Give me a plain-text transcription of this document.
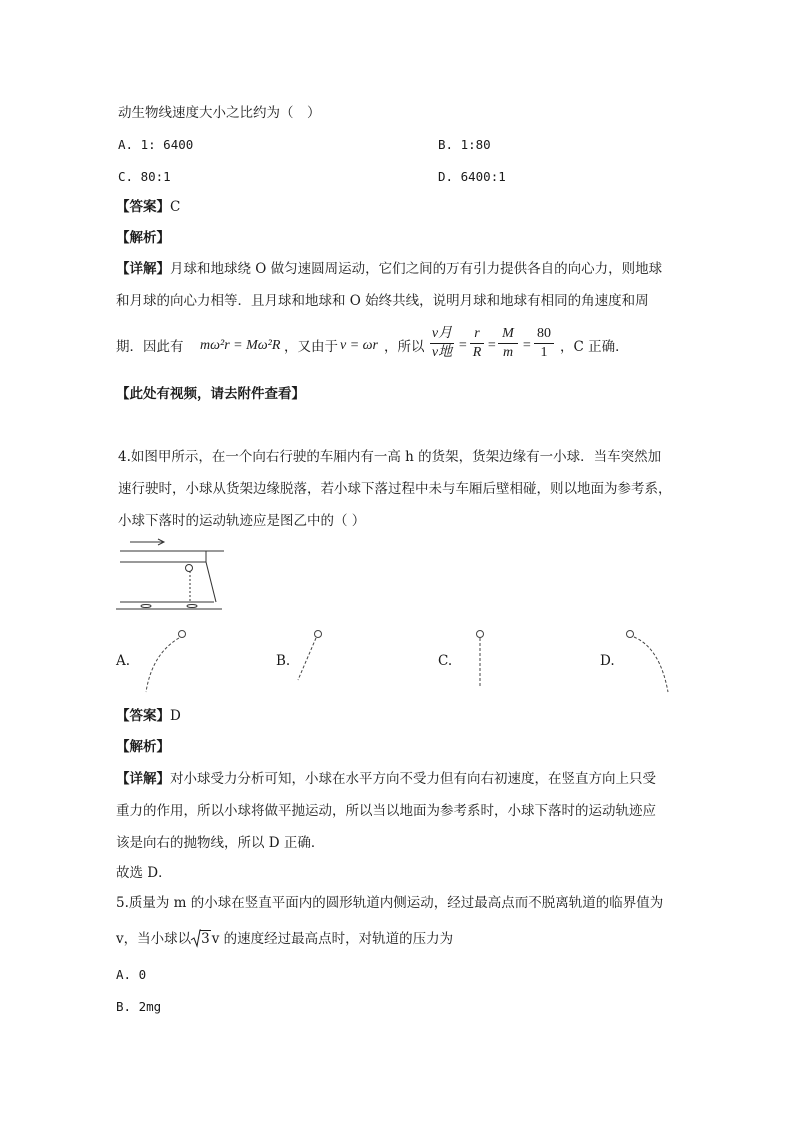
动生物线速度大小之比约为（　）
A. 1: 6400	B. 1:80
C. 80:1	D. 6400:1
【答案】C
【解析】
【详解】月球和地球绕 O 做匀速圆周运动，它们之间的万有引力提供各自的向心力，则地球
和月球的向心力相等．且月球和地球和 O 始终共线，说明月球和地球有相同的角速度和周
期．因此有 mω²r = Mω²R ，又由于 v = ωr ，所以
v月
v地 =
r
R =
M
m =
80
1 ，C 正确．
【此处有视频，请去附件查看】
4.如图甲所示，在一个向右行驶的车厢内有一高 h 的货架，货架边缘有一小球．当车突然加
速行驶时，小球从货架边缘脱落，若小球下落过程中未与车厢后壁相碰，则以地面为参考系，
小球下落时的运动轨迹应是图乙中的（ ）
A.	B.	C.	D.
【答案】D
【解析】
【详解】对小球受力分析可知，小球在水平方向不受力但有向右初速度，在竖直方向上只受
重力的作用，所以小球将做平抛运动，所以当以地面为参考系时，小球下落时的运动轨迹应
该是向右的抛物线，所以 D 正确．
故选 D．
5.质量为 m 的小球在竖直平面内的圆形轨道内侧运动，经过最高点而不脱离轨道的临界值为
v，当小球以 3 v 的速度经过最高点时，对轨道的压力为
A. 0
B. 2mg
